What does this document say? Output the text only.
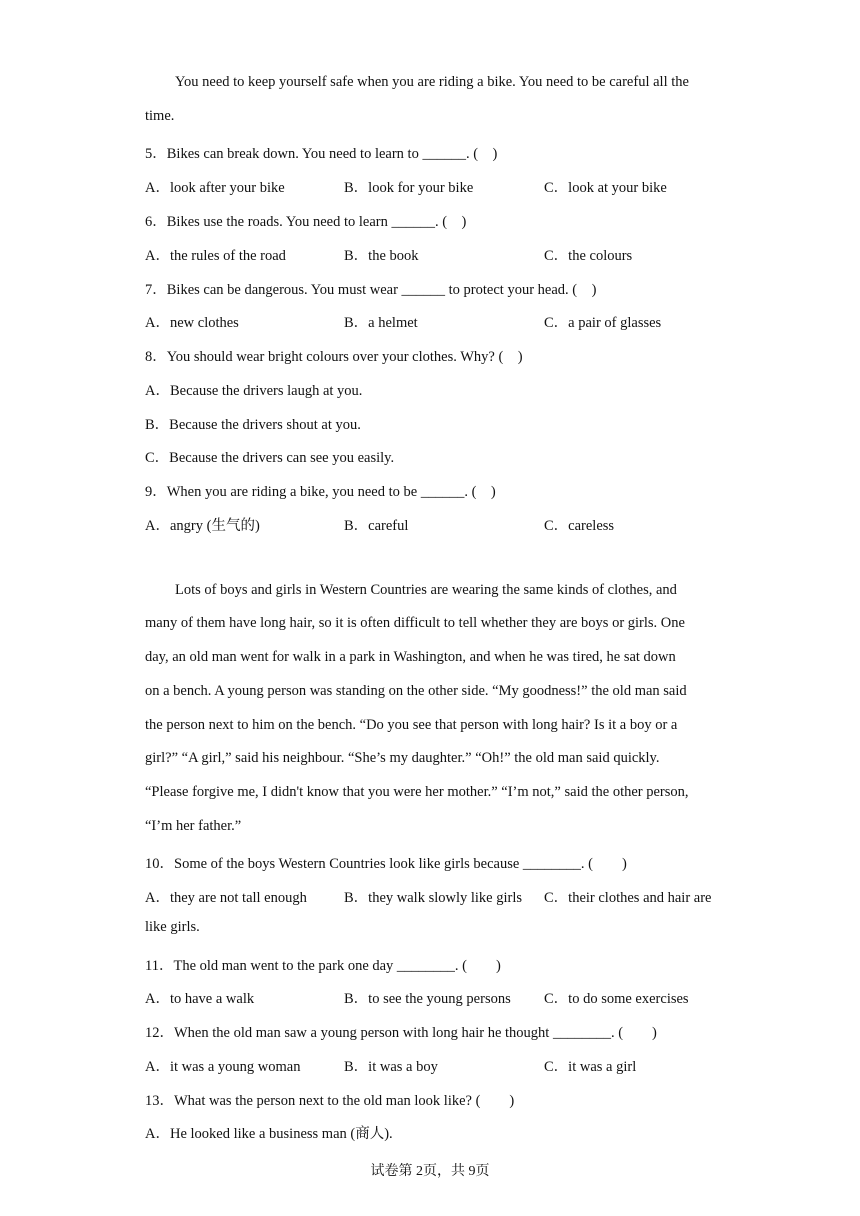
You need to keep yourself safe when you are riding a bike. You need to be careful all the
time.
5．Bikes can break down. You need to learn to ______. (　)
A．look after your bike	B．look for your bike	C．look at your bike
6．Bikes use the roads. You need to learn ______. (　)
A．the rules of the road	B．the book	C．the colours
7．Bikes can be dangerous. You must wear ______ to protect your head. (　)
A．new clothes	B．a helmet	C．a pair of glasses
8．You should wear bright colours over your clothes. Why? (　)
A．Because the drivers laugh at you.
B．Because the drivers shout at you.
C．Because the drivers can see you easily.
9．When you are riding a bike, you need to be ______. (　)
A．angry (生气的)	B．careful	C．careless
Lots of boys and girls in Western Countries are wearing the same kinds of clothes, and
many of them have long hair, so it is often difficult to tell whether they are boys or girls. One
day, an old man went for walk in a park in Washington, and when he was tired, he sat down
on a bench. A young person was standing on the other side. “My goodness!” the old man said
the person next to him on the bench. “Do you see that person with long hair? Is it a boy or a
girl?” “A girl,” said his neighbour. “She’s my daughter.” “Oh!” the old man said quickly.
“Please forgive me, I didn't know that you were her mother.” “I’m not,” said the other person,
“I’m her father.”
10．Some of the boys Western Countries look like girls because ________. (　　)
A．they are not tall enough	B．they walk slowly like girls C．their clothes and hair are
like girls.
11．The old man went to the park one day ________. (　　)
A．to have a walk	B．to see the young persons C．to do some exercises
12．When the old man saw a young person with long hair he thought ________. (　　)
A．it was a young woman	B．it was a boy	C．it was a girl
13．What was the person next to the old man look like? (　　)
A．He looked like a business man (商人).
试卷第 2页，共 9页
